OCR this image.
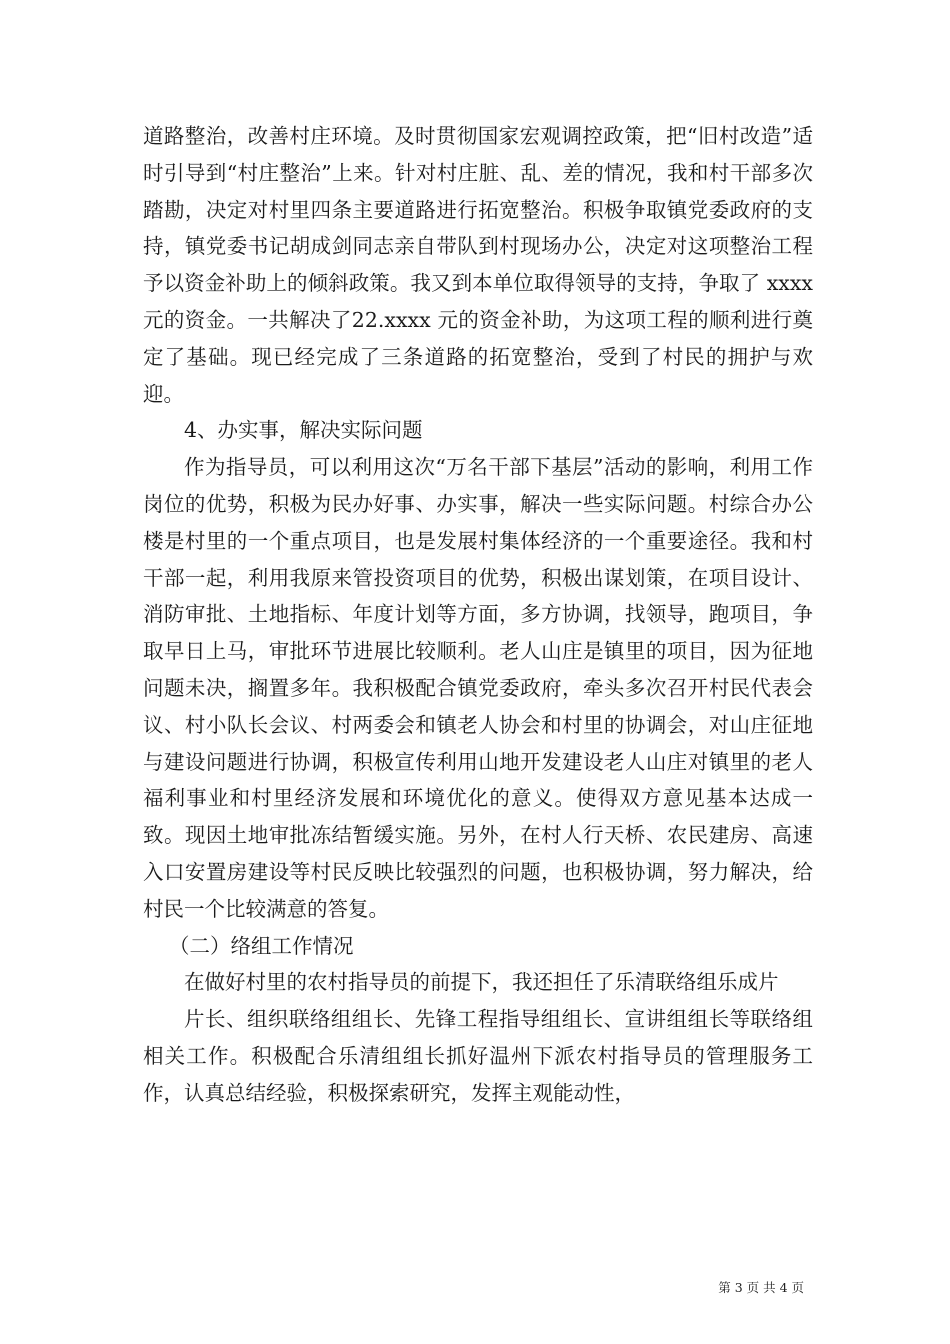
道路整治，改善村庄环境。及时贯彻国家宏观调控政策，把“旧村改造”适时引导到“村庄整治”上来。针对村庄脏、乱、差的情况，我和村干部多次踏勘，决定对村里四条主要道路进行拓宽整治。积极争取镇党委政府的支持，镇党委书记胡成剑同志亲自带队到村现场办公，决定对这项整治工程予以资金补助上的倾斜政策。我又到本单位取得领导的支持，争取了 xxxx 元的资金。一共解决了22.xxxx 元的资金补助，为这项工程的顺利进行奠定了基础。现已经完成了三条道路的拓宽整治，受到了村民的拥护与欢迎。

4、办实事，解决实际问题

作为指导员，可以利用这次“万名干部下基层”活动的影响，利用工作岗位的优势，积极为民办好事、办实事，解决一些实际问题。村综合办公楼是村里的一个重点项目，也是发展村集体经济的一个重要途径。我和村干部一起，利用我原来管投资项目的优势，积极出谋划策，在项目设计、消防审批、土地指标、年度计划等方面，多方协调，找领导，跑项目，争取早日上马，审批环节进展比较顺利。老人山庄是镇里的项目，因为征地问题未决，搁置多年。我积极配合镇党委政府，牵头多次召开村民代表会议、村小队长会议、村两委会和镇老人协会和村里的协调会，对山庄征地与建设问题进行协调，积极宣传利用山地开发建设老人山庄对镇里的老人福利事业和村里经济发展和环境优化的意义。使得双方意见基本达成一致。现因土地审批冻结暂缓实施。另外，在村人行天桥、农民建房、高速入口安置房建设等村民反映比较强烈的问题，也积极协调，努力解决，给村民一个比较满意的答复。

（二）络组工作情况

在做好村里的农村指导员的前提下，我还担任了乐清联络组乐成片

片长、组织联络组组长、先锋工程指导组组长、宣讲组组长等联络组相关工作。积极配合乐清组组长抓好温州下派农村指导员的管理服务工作，认真总结经验，积极探索研究，发挥主观能动性，

第 3 页 共 4 页
